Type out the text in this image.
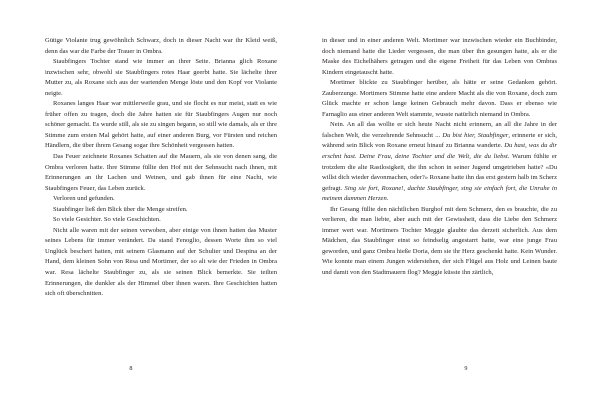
Gütige Violante trug gewöhnlich Schwarz, doch in dieser Nacht war ihr Kleid weiß, denn das war die Farbe der Trauer in Ombra.

Staubfingers Tochter stand wie immer an ihrer Seite. Brianna glich Roxane inzwischen sehr, obwohl sie Staubfingers rotes Haar geerbt hatte. Sie lächelte ihrer Mutter zu, als Roxane sich aus der wartenden Menge löste und den Kopf vor Violante neigte.

Roxanes langes Haar war mittlerweile grau, und sie flocht es nur meist, statt es wie früher offen zu tragen, doch die Jahre hatten sie für Staubfingers Augen nur noch schöner gemacht. Es wurde still, als sie zu singen begann, so still wie damals, als er ihre Stimme zum ersten Mal gehört hatte, auf einer anderen Burg, vor Fürsten und reichen Händlern, die über ihrem Gesang sogar ihre Schönheit vergessen hatten.

Das Feuer zeichnete Roxanes Schatten auf die Mauern, als sie von denen sang, die Ombra verloren hatte. Ihre Stimme füllte den Hof mit der Sehnsucht nach ihnen, mit Erinnerungen an ihr Lachen und Weinen, und gab ihnen für eine Nacht, wie Staubfingers Feuer, das Leben zurück.

Verloren und gefunden.

Staubfinger ließ den Blick über die Menge streifen.

So viele Gesichter. So viele Geschichten.

Nicht alle waren mit der seinen verwoben, aber einige von ihnen hatten das Muster seines Lebens für immer verändert. Da stand Fenoglio, dessen Worte ihm so viel Unglück beschert hatten, mit seinem Glasmann auf der Schulter und Despina an der Hand, dem kleinen Sohn von Resa und Mortimer, der so alt wie der Frieden in Ombra war. Resa lächelte Staubfinger zu, als sie seinen Blick bemerkte. Sie teilten Erinnerungen, die dunkler als der Himmel über ihnen waren. Ihre Geschichten hatten sich oft überschnitten.

8

in dieser und in einer anderen Welt. Mortimer war inzwischen wieder ein Buchbinder, doch niemand hatte die Lieder vergessen, die man über ihn gesungen hatte, als er die Maske des Eichelhähers getragen und die eigene Freiheit für das Leben von Ombras Kindern eingetauscht hatte.

Mortimer blickte zu Staubfinger herüber, als hätte er seine Gedanken gehört. Zauberzunge. Mortimers Stimme hatte eine andere Macht als die von Roxane, doch zum Glück machte er schon lange keinen Gebrauch mehr davon. Dass er ebenso wie Farnaglio aus einer anderen Welt stammte, wusste natürlich niemand in Ombra.

Nein. An all das wollte er sich heute Nacht nicht erinnern, an all die Jahre in der falschen Welt, die verzehrende Sehnsucht ... Du bist hier, Staubfinger, erinnerte er sich, während sein Blick von Roxane erneut hinauf zu Brianna wanderte. Du hast, was du dir erschnt hast. Deine Frau, deine Tochter und die Welt, die du liebst. Warum fühlte er trotzdem die alte Rastlosigkeit, die ihn schon in seiner Jugend umgetrieben hatte? «Du willst dich wieder davonmachen, oder?» Roxane hatte ihn das erst gestern halb im Scherz gefragt. Sing sie fort, Roxane!, dachte Staubfinger, sing sie einfach fort, die Unruhe in meinem dummen Herzen.

Ihr Gesang füllte den nächtlichen Burghof mit dem Schmerz, den es brauchte, die zu verlieren, die man liebte, aber auch mit der Gewissheit, dass die Liebe den Schmerz immer wert war. Mortimers Tochter Meggie glaubte das derzeit sicherlich. Aus dem Mädchen, das Staubfinger einst so feindselig angestarrt hatte, war eine junge Frau geworden, und ganz Ombra hieße Doria, dem sie ihr Herz geschenkt hatte. Kein Wunder. Wie konnte man einem Jungen widerstehen, der sich Flügel aus Holz und Leinen baute und damit von den Stadtmauern flog? Meggie küsste ihn zärtlich,

9
